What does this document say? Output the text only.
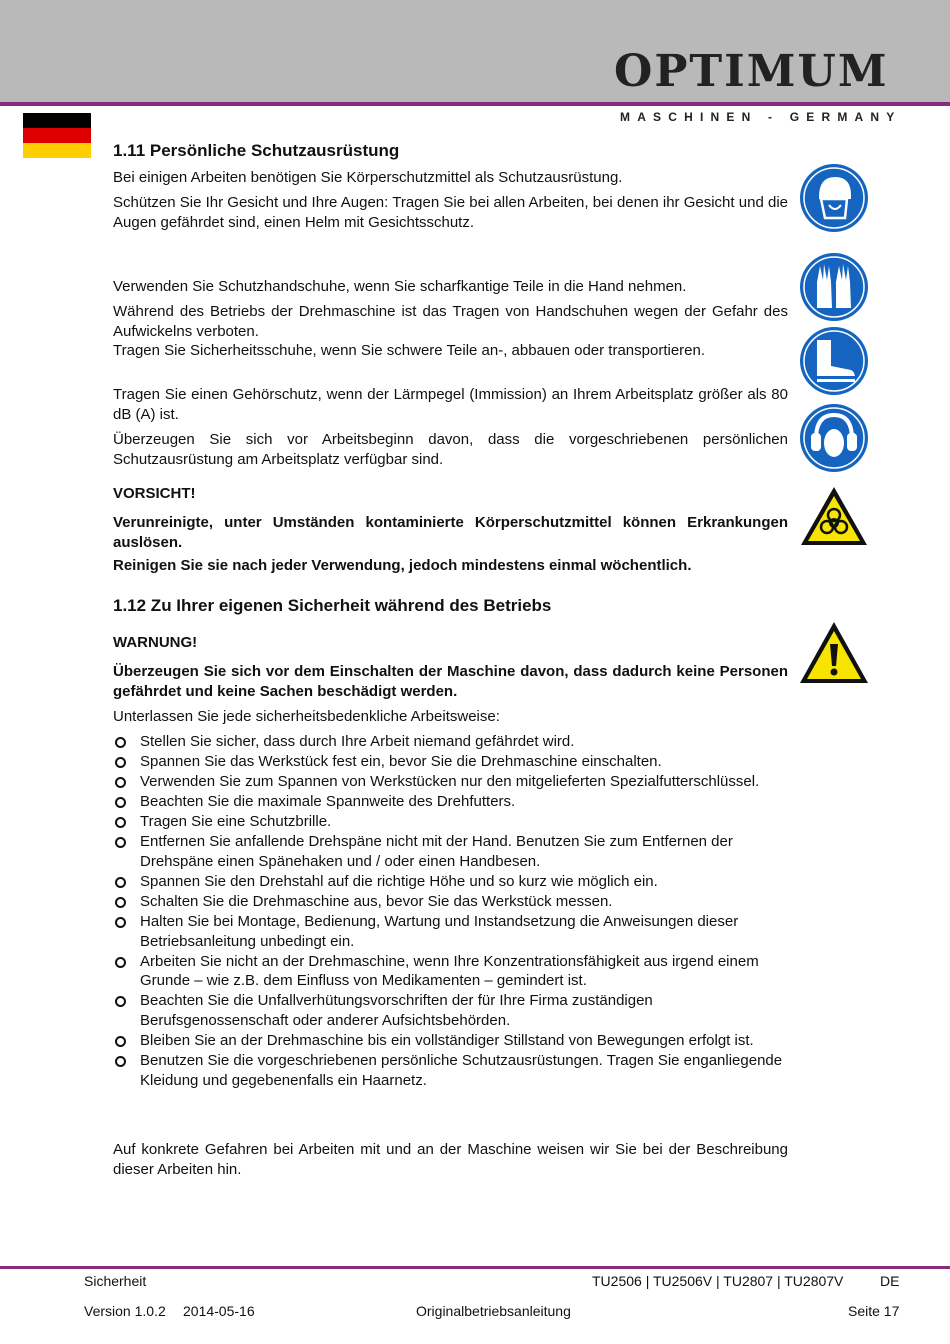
OPTIMUM
MASCHINEN - GERMANY
1.11 Persönliche Schutzausrüstung

Bei einigen Arbeiten benötigen Sie Körperschutzmittel als Schutzausrüstung.

Schützen Sie Ihr Gesicht und Ihre Augen: Tragen Sie bei allen Arbeiten, bei denen ihr Gesicht und die Augen gefährdet sind, einen Helm mit Gesichtsschutz.

Verwenden Sie Schutzhandschuhe, wenn Sie scharfkantige Teile in die Hand nehmen.

Während des Betriebs der Drehmaschine ist das Tragen von Handschuhen wegen der Gefahr des Aufwickelns verboten.

Tragen Sie Sicherheitsschuhe, wenn Sie schwere Teile an-, abbauen oder transportieren.

Tragen Sie einen Gehörschutz, wenn der Lärmpegel (Immission) an Ihrem Arbeitsplatz größer als 80 dB (A) ist.

Überzeugen Sie sich vor Arbeitsbeginn davon, dass die vorgeschriebenen persönlichen Schutzausrüstung am Arbeitsplatz verfügbar sind.

VORSICHT!

Verunreinigte, unter Umständen kontaminierte Körperschutzmittel können Erkrankungen auslösen.

Reinigen Sie sie nach jeder Verwendung, jedoch mindestens einmal wöchentlich.

1.12 Zu Ihrer eigenen Sicherheit während des Betriebs

WARNUNG!

Überzeugen Sie sich vor dem Einschalten der Maschine davon, dass dadurch keine Personen gefährdet und keine Sachen beschädigt werden.

Unterlassen Sie jede sicherheitsbedenkliche Arbeitsweise:

Stellen Sie sicher, dass durch Ihre Arbeit niemand gefährdet wird.
Spannen Sie das Werkstück fest ein, bevor Sie die Drehmaschine einschalten.
Verwenden Sie zum Spannen von Werkstücken nur den mitgelieferten Spezialfutterschlüssel.
Beachten Sie die maximale Spannweite des Drehfutters.
Tragen Sie eine Schutzbrille.
Entfernen Sie anfallende Drehspäne nicht mit der Hand. Benutzen Sie zum Entfernen der Drehspäne einen Spänehaken und / oder einen Handbesen.
Spannen Sie den Drehstahl auf die richtige Höhe und so kurz wie möglich ein.
Schalten Sie die Drehmaschine aus, bevor Sie das Werkstück messen.
Halten Sie bei Montage, Bedienung, Wartung und Instandsetzung die Anweisungen dieser Betriebsanleitung unbedingt ein.
Arbeiten Sie nicht an der Drehmaschine, wenn Ihre Konzentrationsfähigkeit aus irgend einem Grunde – wie z.B. dem Einfluss von Medikamenten – gemindert ist.
Beachten Sie die Unfallverhütungsvorschriften der für Ihre Firma zuständigen Berufsgenossenschaft oder anderer Aufsichtsbehörden.
Bleiben Sie an der Drehmaschine bis ein vollständiger Stillstand von Bewegungen erfolgt ist.
Benutzen Sie die vorgeschriebenen persönliche Schutzausrüstungen. Tragen Sie enganliegende Kleidung und gegebenenfalls ein Haarnetz.

Auf konkrete Gefahren bei Arbeiten mit und an der Maschine weisen wir Sie bei der Beschreibung dieser Arbeiten hin.

Sicherheit	TU2506 | TU2506V | TU2807 | TU2807V	DE
Version 1.0.2 2014-05-16	Originalbetriebsanleitung	Seite 17
